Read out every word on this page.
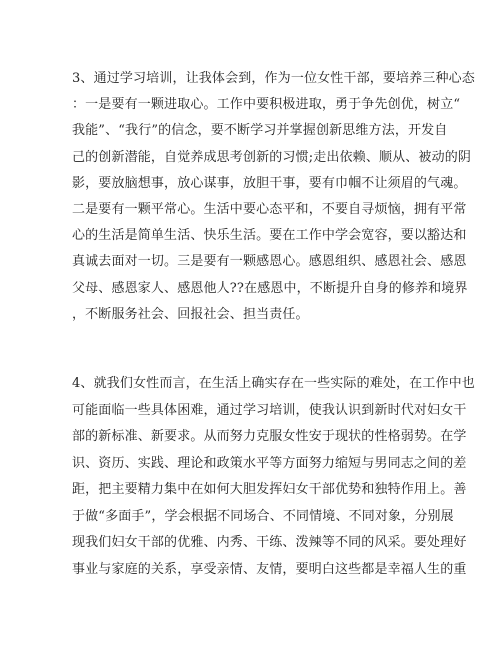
3、通过学习培训，让我体会到，作为一位女性干部，要培养三种心态
：一是要有一颗进取心。工作中要积极进取，勇于争先创优，树立“
我能”、“我行”的信念，要不断学习并掌握创新思维方法，开发自
己的创新潜能，自觉养成思考创新的习惯;走出依赖、顺从、被动的阴
影，要放脑想事，放心谋事，放胆干事，要有巾帼不让须眉的气魂。
二是要有一颗平常心。生活中要心态平和，不要自寻烦恼，拥有平常
心的生活是简单生活、快乐生活。要在工作中学会宽容，要以豁达和
真诚去面对一切。三是要有一颗感恩心。感恩组织、感恩社会、感恩
父母、感恩家人、感恩他人??在感恩中，不断提升自身的修养和境界
，不断服务社会、回报社会、担当责任。
4、就我们女性而言，在生活上确实存在一些实际的难处，在工作中也
可能面临一些具体困难，通过学习培训，使我认识到新时代对妇女干
部的新标准、新要求。从而努力克服女性安于现状的性格弱势。在学
识、资历、实践、理论和政策水平等方面努力缩短与男同志之间的差
距，把主要精力集中在如何大胆发挥妇女干部优势和独特作用上。善
于做“多面手”，学会根据不同场合、不同情境、不同对象，分别展
现我们妇女干部的优雅、内秀、干练、泼辣等不同的风采。要处理好
事业与家庭的关系，享受亲情、友情，要明白这些都是幸福人生的重
